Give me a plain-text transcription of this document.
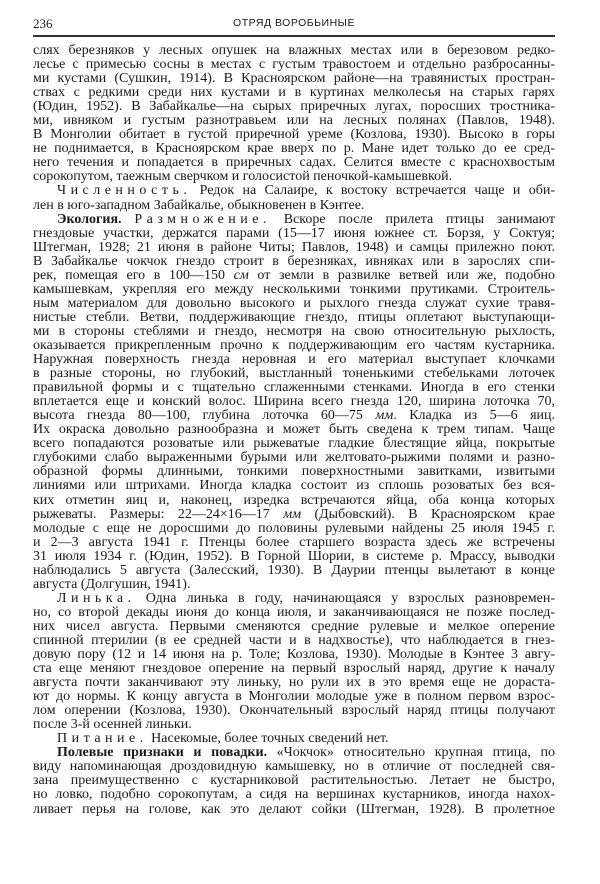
236	ОТРЯД ВОРОБЬИНЫЕ
слях березняков у лесных опушек на влажных местах или в березовом редко-
лесье с примесью сосны в местах с густым травостоем и отдельно разбросанны-
ми кустами (Сушкин, 1914). В Красноярском районе—на травянистых простран-
ствах с редкими среди них кустами и в куртинах мелколесья на старых гарях
(Юдин, 1952). В Забайкалье—на сырых приречных лугах, поросших тростника-
ми, ивняком и густым разнотравьем или на лесных полянах (Павлов, 1948).
В Монголии обитает в густой приречной уреме (Козлова, 1930). Высоко в горы
не поднимается, в Красноярском крае вверх по р. Мане идет только до ее сред-
него течения и попадается в приречных садах. Селится вместе с краснохвостым
сорокопутом, таежным сверчком и голосистой пеночкой-камышевкой.
Численность. Редок на Салаире, к востоку встречается чаще и оби-
лен в юго-западном Забайкалье, обыкновенен в Кэнтее.
Экология. Размножение. Вскоре после прилета птицы занимают
гнездовые участки, держатся парами (15—17 июня южнее ст. Борзя, у Соктуя;
Штегман, 1928; 21 июня в районе Читы; Павлов, 1948) и самцы прилежно поют.
В Забайкалье чокчок гнездо строит в березняках, ивняках или в зарослях спи-
рек, помещая его в 100—150 см от земли в развилке ветвей или же, подобно
камышевкам, укрепляя его между несколькими тонкими прутиками. Строитель-
ным материалом для довольно высокого и рыхлого гнезда служат сухие травя-
нистые стебли. Ветви, поддерживающие гнездо, птицы оплетают выступающи-
ми в стороны стеблями и гнездо, несмотря на свою относительную рыхлость,
оказывается прикрепленным прочно к поддерживающим его частям кустарника.
Наружная поверхность гнезда неровная и его материал выступает клочками
в разные стороны, но глубокий, выстланный тоненькими стебельками лоточек
правильной формы и с тщательно сглаженными стенками. Иногда в его стенки
вплетается еще и конский волос. Ширина всего гнезда 120, ширина лоточка 70,
высота гнезда 80—100, глубина лоточка 60—75 мм. Кладка из 5—6 яиц.
Их окраска довольно разнообразна и может быть сведена к трем типам. Чаще
всего попадаются розоватые или рыжеватые гладкие блестящие яйца, покрытые
глубокими слабо выраженными бурыми или желтовато-рыжими полями и разно-
образной формы длинными, тонкими поверхностными завитками, извитыми
линиями или штрихами. Иногда кладка состоит из сплошь розоватых без вся-
ких отметин яиц и, наконец, изредка встречаются яйца, оба конца которых
рыжеваты. Размеры: 22—24×16—17 мм (Дыбовский). В Красноярском крае
молодые с еще не доросшими до половины рулевыми найдены 25 июля 1945 г.
и 2—3 августа 1941 г. Птенцы более старшего возраста здесь же встречены
31 июля 1934 г. (Юдин, 1952). В Горной Шории, в системе р. Мрассу, выводки
наблюдались 5 августа (Залесский, 1930). В Даурии птенцы вылетают в конце
августа (Долгушин, 1941).
Линька. Одна линька в году, начинающаяся у взрослых разновремен-
но, со второй декады июня до конца июля, и заканчивающаяся не позже послед-
них чисел августа. Первыми сменяются средние рулевые и мелкое оперение
спинной птерилии (в ее средней части и в надхвостье), что наблюдается в гнез-
довую пору (12 и 14 июня на р. Толе; Козлова, 1930). Молодые в Кэнтее 3 авгу-
ста еще меняют гнездовое оперение на первый взрослый наряд, другие к началу
августа почти заканчивают эту линьку, но рули их в это время еще не дораста-
ют до нормы. К концу августа в Монголии молодые уже в полном первом взрос-
лом оперении (Козлова, 1930). Окончательный взрослый наряд птицы получают
после 3-й осенней линьки.
Питание. Насекомые, более точных сведений нет.
Полевые признаки и повадки. «Чокчок» относительно крупная птица, по
виду напоминающая дроздовидную камышевку, но в отличие от последней свя-
зана преимущественно с кустарниковой растительностью. Летает не быстро,
но ловко, подобно сорокопутам, а сидя на вершинах кустарников, иногда нахох-
ливает перья на голове, как это делают сойки (Штегман, 1928). В пролетное
